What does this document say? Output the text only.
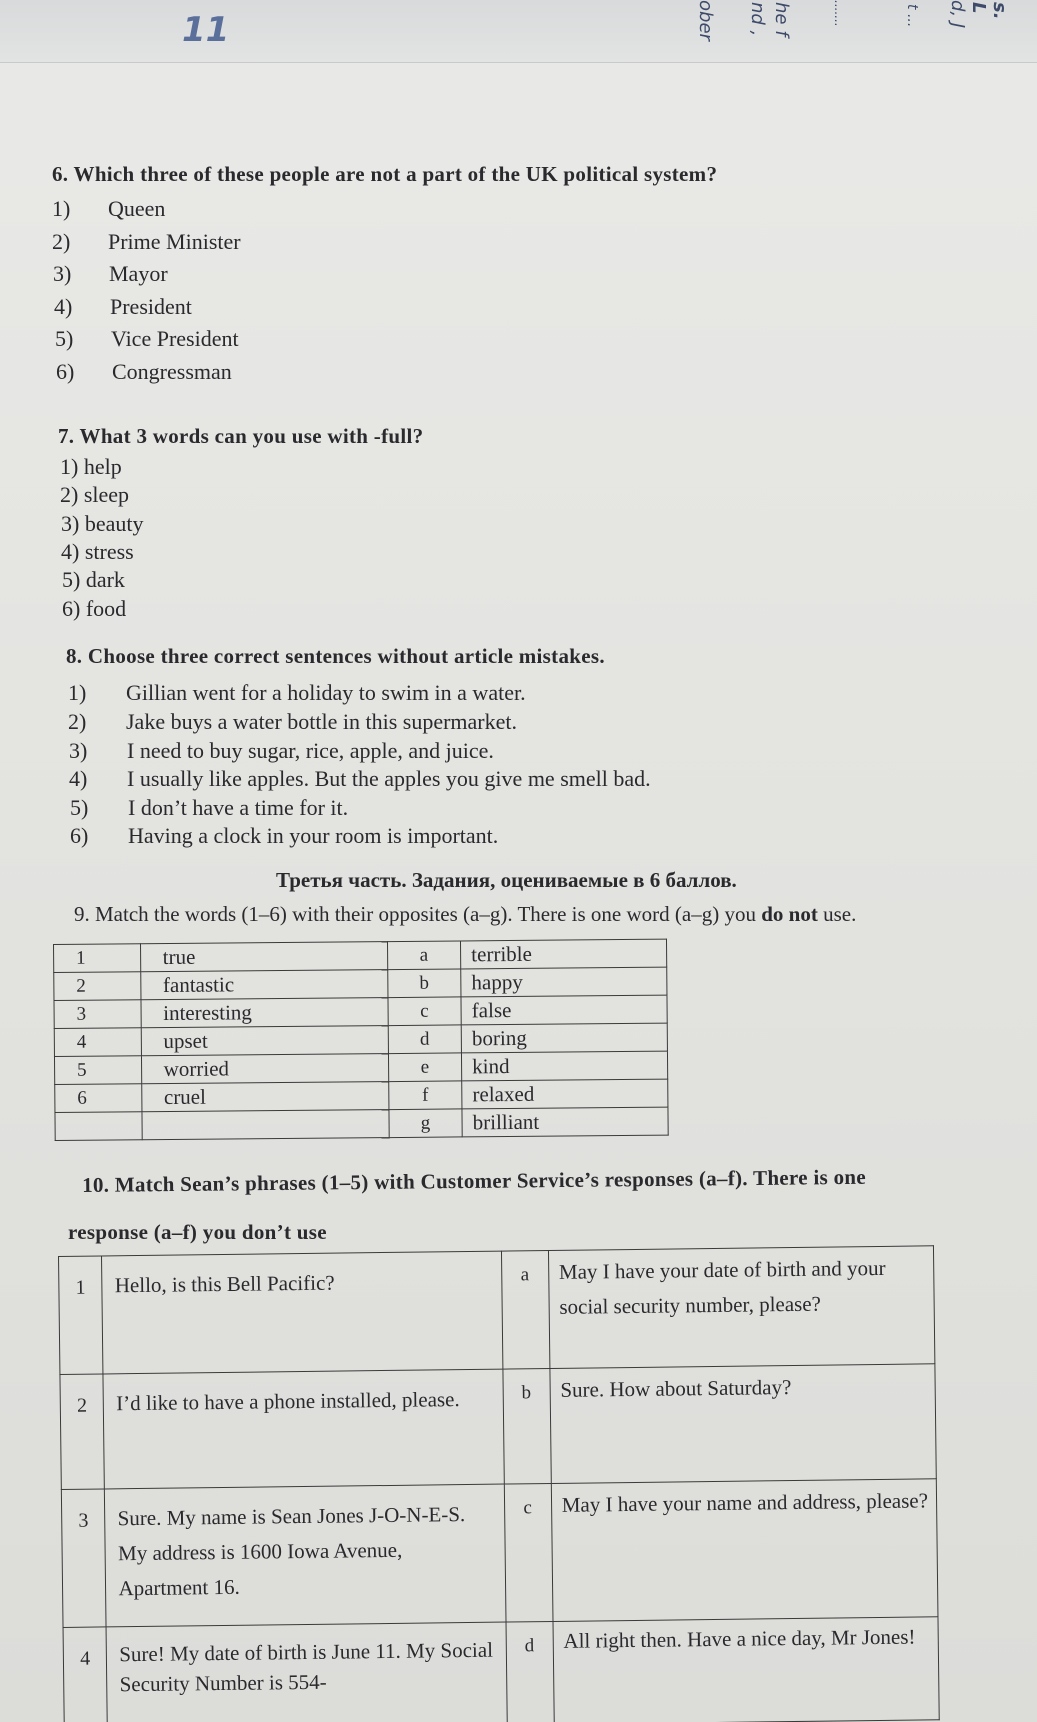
11	he f
nd ,
ober	.......	t ... d, J	s. L
6. Which three of these people are not a part of the UK political system?
1) Queen
2) Prime Minister
3) Mayor
4) President
5) Vice President
6) Congressman
7. What 3 words can you use with -full?
1) help
2) sleep
3) beauty
4) stress
5) dark
6) food
8. Choose three correct sentences without article mistakes.
1) Gillian went for a holiday to swim in a water.
2) Jake buys a water bottle in this supermarket.
3) I need to buy sugar, rice, apple, and juice.
4) I usually like apples. But the apples you give me smell bad.
5) I don’t have a time for it.
6) Having a clock in your room is important.
Третья часть. Задания, оцениваемые в 6 баллов.
9. Match the words (1–6) with their opposites (a–g). There is one word (a–g) you do not use.
1	true	a	terrible
2	fantastic	b	happy
3	interesting	c	false
4	upset	d	boring
5	worried	e	kind
6	cruel	f	relaxed
		g	brilliant
10. Match Sean’s phrases (1–5) with Customer Service’s responses (a–f). There is one
response (a–f) you don’t use
1	Hello, is this Bell Pacific?	a	May I have your date of birth and your social security number, please?
2	I’d like to have a phone installed, please.	b	Sure. How about Saturday?
3	Sure. My name is Sean Jones J-O-N-E-S. My address is 1600 Iowa Avenue, Apartment 16.	c	May I have your name and address, please?
4	Sure! My date of birth is June 11. My Social Security Number is 554-	d	All right then. Have a nice day, Mr Jones!
